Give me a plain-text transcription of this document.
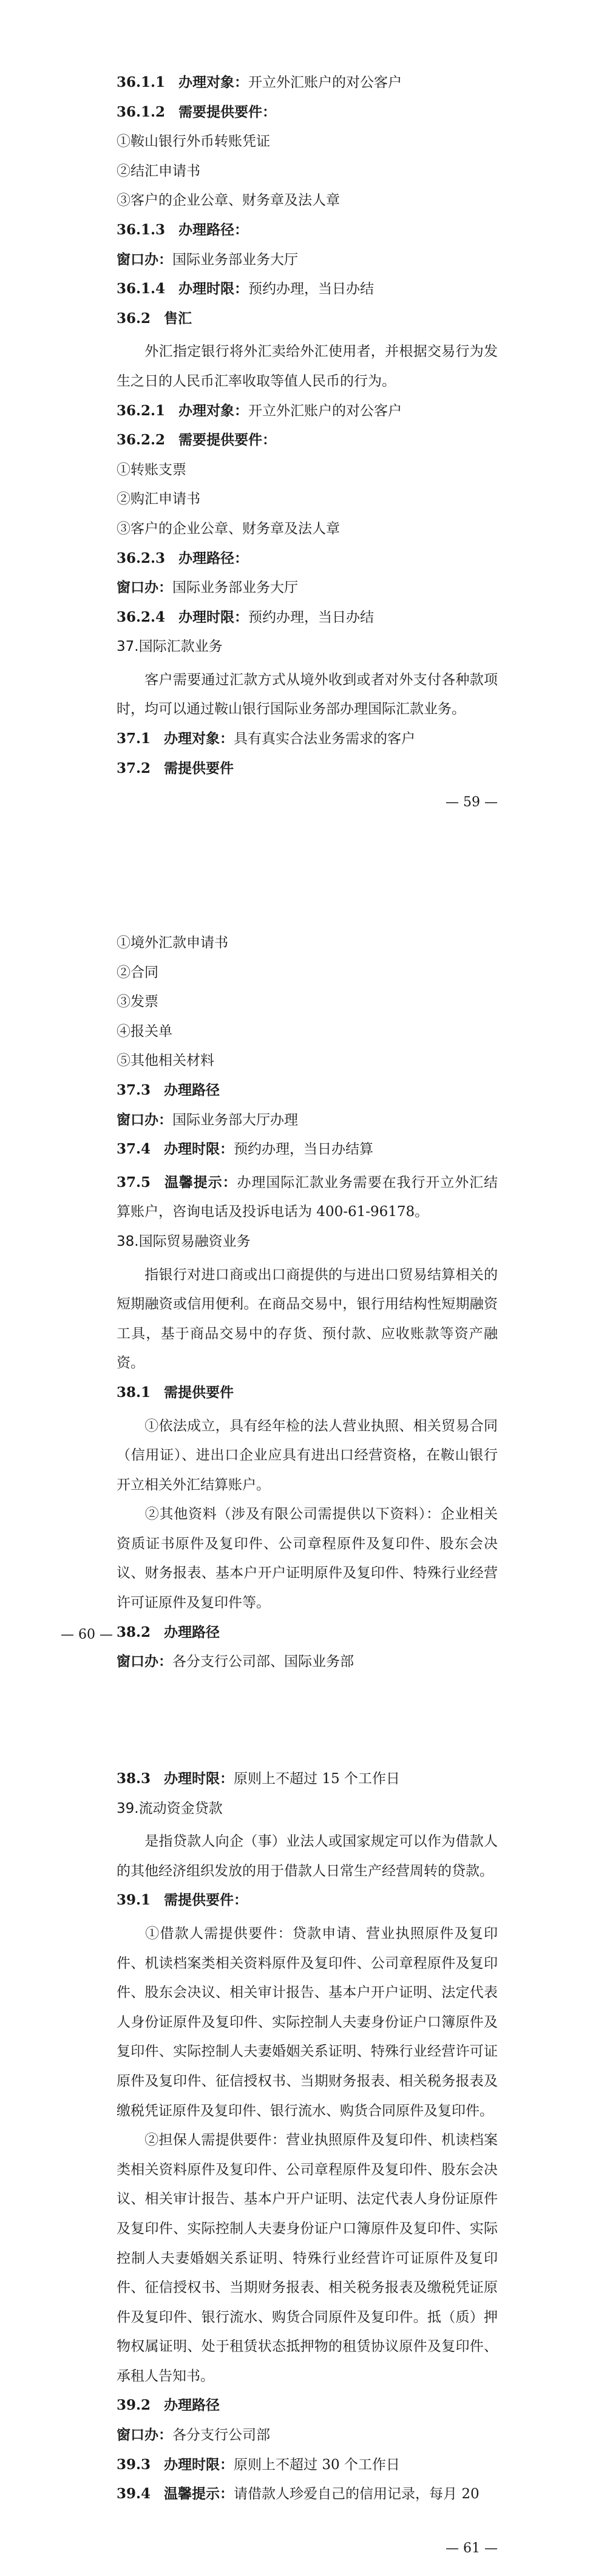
36.1.1 办理对象：开立外汇账户的对公客户
36.1.2 需要提供要件：
①鞍山银行外币转账凭证
②结汇申请书
③客户的企业公章、财务章及法人章
36.1.3 办理路径：
窗口办：国际业务部业务大厅
36.1.4 办理时限：预约办理，当日办结
36.2 售汇

外汇指定银行将外汇卖给外汇使用者，并根据交易行为发生之日的人民币汇率收取等值人民币的行为。

36.2.1 办理对象：开立外汇账户的对公客户
36.2.2 需要提供要件：
①转账支票
②购汇申请书
③客户的企业公章、财务章及法人章
36.2.3 办理路径：
窗口办：国际业务部业务大厅
36.2.4 办理时限：预约办理，当日办结
37.国际汇款业务

客户需要通过汇款方式从境外收到或者对外支付各种款项时，均可以通过鞍山银行国际业务部办理国际汇款业务。

37.1 办理对象：具有真实合法业务需求的客户
37.2 需提供要件
— 59 —
①境外汇款申请书
②合同
③发票
④报关单
⑤其他相关材料
37.3 办理路径
窗口办：国际业务部大厅办理
37.4 办理时限：预约办理，当日办结算

37.5 温馨提示：办理国际汇款业务需要在我行开立外汇结算账户，咨询电话及投诉电话为 400-61-96178。

38.国际贸易融资业务

指银行对进口商或出口商提供的与进出口贸易结算相关的短期融资或信用便利。在商品交易中，银行用结构性短期融资工具，基于商品交易中的存货、预付款、应收账款等资产融资。

38.1 需提供要件

①依法成立，具有经年检的法人营业执照、相关贸易合同（信用证）、进出口企业应具有进出口经营资格，在鞍山银行开立相关外汇结算账户。

②其他资料（涉及有限公司需提供以下资料）：企业相关资质证书原件及复印件、公司章程原件及复印件、股东会决议、财务报表、基本户开户证明原件及复印件、特殊行业经营许可证原件及复印件等。

38.2 办理路径
窗口办：各分支行公司部、国际业务部
— 60 —
38.3 办理时限：原则上不超过 15 个工作日
39.流动资金贷款

是指贷款人向企（事）业法人或国家规定可以作为借款人的其他经济组织发放的用于借款人日常生产经营周转的贷款。

39.1 需提供要件：

①借款人需提供要件：贷款申请、营业执照原件及复印件、机读档案类相关资料原件及复印件、公司章程原件及复印件、股东会决议、相关审计报告、基本户开户证明、法定代表人身份证原件及复印件、实际控制人夫妻身份证户口簿原件及复印件、实际控制人夫妻婚姻关系证明、特殊行业经营许可证原件及复印件、征信授权书、当期财务报表、相关税务报表及缴税凭证原件及复印件、银行流水、购货合同原件及复印件。

②担保人需提供要件：营业执照原件及复印件、机读档案类相关资料原件及复印件、公司章程原件及复印件、股东会决议、相关审计报告、基本户开户证明、法定代表人身份证原件及复印件、实际控制人夫妻身份证户口簿原件及复印件、实际控制人夫妻婚姻关系证明、特殊行业经营许可证原件及复印件、征信授权书、当期财务报表、相关税务报表及缴税凭证原件及复印件、银行流水、购货合同原件及复印件。抵（质）押物权属证明、处于租赁状态抵押物的租赁协议原件及复印件、承租人告知书。

39.2 办理路径
窗口办：各分支行公司部
39.3 办理时限：原则上不超过 30 个工作日
39.4 温馨提示：请借款人珍爱自己的信用记录，每月 20
— 61 —
